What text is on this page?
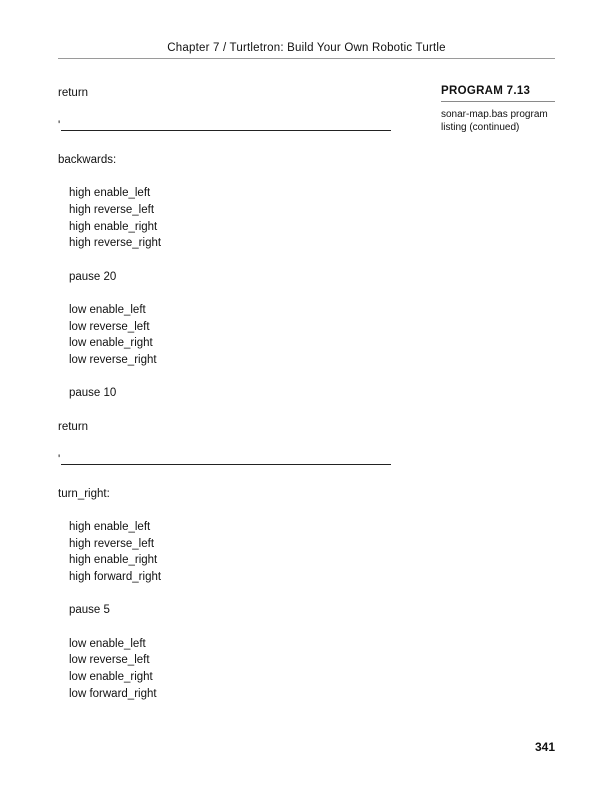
Chapter 7 / Turtletron: Build Your Own Robotic Turtle
return
'
backwards:
high enable_left
high reverse_left
high enable_right
high reverse_right
pause 20
low enable_left
low reverse_left
low enable_right
low reverse_right
pause 10
return
'
turn_right:
high enable_left
high reverse_left
high enable_right
high forward_right
pause 5
low enable_left
low reverse_left
low enable_right
low forward_right
PROGRAM 7.13
sonar-map.bas program listing (continued)
341
